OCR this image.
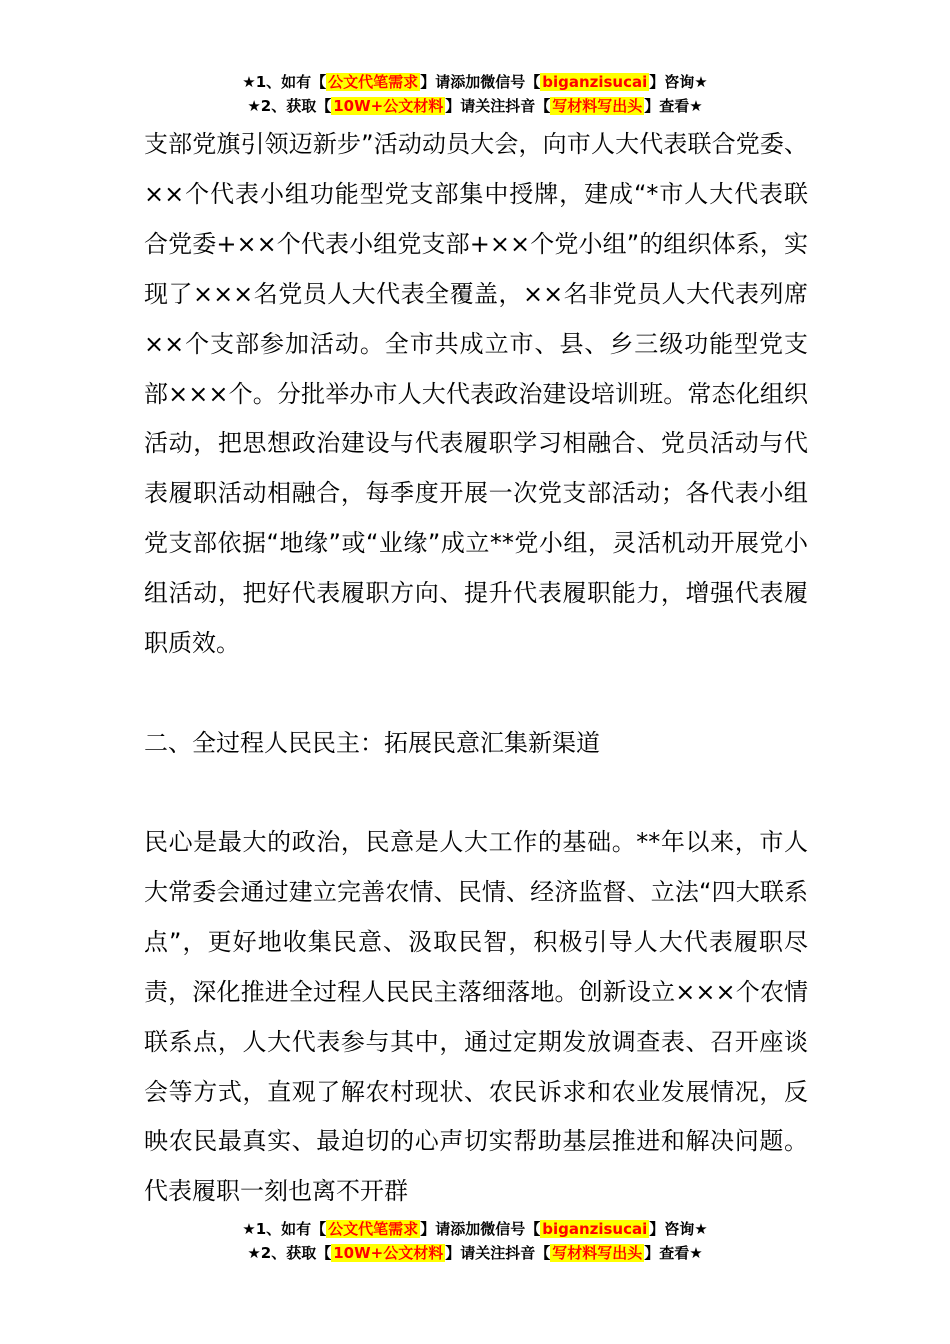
★1、如有【 公文代笔需求 】请添加微信号【 biganzisucai 】咨询★
★2、获取【 10W+公文材料 】请关注抖音【 写材料写出头 】查看★

支部党旗引领迈新步”活动动员大会，向市人大代表联合党委、××个代表小组功能型党支部集中授牌，建成“*市人大代表联合党委+××个代表小组党支部+××个党小组”的组织体系，实现了×××名党员人大代表全覆盖，××名非党员人大代表列席××个支部参加活动。全市共成立市、县、乡三级功能型党支部×××个。分批举办市人大代表政治建设培训班。常态化组织活动，把思想政治建设与代表履职学习相融合、党员活动与代表履职活动相融合，每季度开展一次党支部活动；各代表小组党支部依据“地缘”或“业缘”成立**党小组，灵活机动开展党小组活动，把好代表履职方向、提升代表履职能力，增强代表履职质效。

二、全过程人民民主：拓展民意汇集新渠道

民心是最大的政治，民意是人大工作的基础。**年以来，市人大常委会通过建立完善农情、民情、经济监督、立法“四大联系点”，更好地收集民意、汲取民智，积极引导人大代表履职尽责，深化推进全过程人民民主落细落地。创新设立×××个农情联系点，人大代表参与其中，通过定期发放调查表、召开座谈会等方式，直观了解农村现状、农民诉求和农业发展情况，反映农民最真实、最迫切的心声切实帮助基层推进和解决问题。代表履职一刻也离不开群

★1、如有【 公文代笔需求 】请添加微信号【 biganzisucai 】咨询★
★2、获取【 10W+公文材料 】请关注抖音【 写材料写出头 】查看★
